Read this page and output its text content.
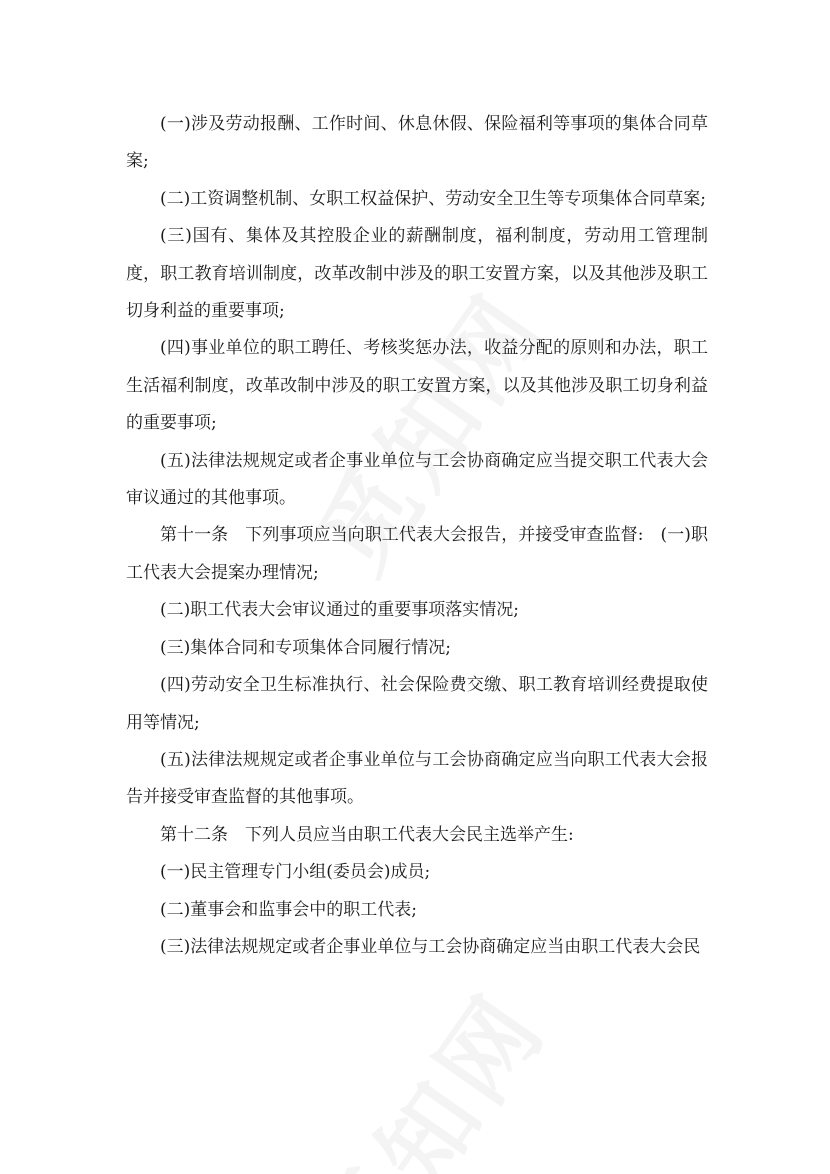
(一)涉及劳动报酬、工作时间、休息休假、保险福利等事项的集体合同草案;

(二)工资调整机制、女职工权益保护、劳动安全卫生等专项集体合同草案;

(三)国有、集体及其控股企业的薪酬制度，福利制度，劳动用工管理制度，职工教育培训制度，改革改制中涉及的职工安置方案，以及其他涉及职工切身利益的重要事项;

(四)事业单位的职工聘任、考核奖惩办法，收益分配的原则和办法，职工生活福利制度，改革改制中涉及的职工安置方案，以及其他涉及职工切身利益的重要事项;

(五)法律法规规定或者企事业单位与工会协商确定应当提交职工代表大会审议通过的其他事项。

第十一条　下列事项应当向职工代表大会报告，并接受审查监督:　(一)职工代表大会提案办理情况;

(二)职工代表大会审议通过的重要事项落实情况;

(三)集体合同和专项集体合同履行情况;

(四)劳动安全卫生标准执行、社会保险费交缴、职工教育培训经费提取使用等情况;

(五)法律法规规定或者企事业单位与工会协商确定应当向职工代表大会报告并接受审查监督的其他事项。

第十二条　下列人员应当由职工代表大会民主选举产生:

(一)民主管理专门小组(委员会)成员;

(二)董事会和监事会中的职工代表;

(三)法律法规规定或者企事业单位与工会协商确定应当由职工代表大会民
